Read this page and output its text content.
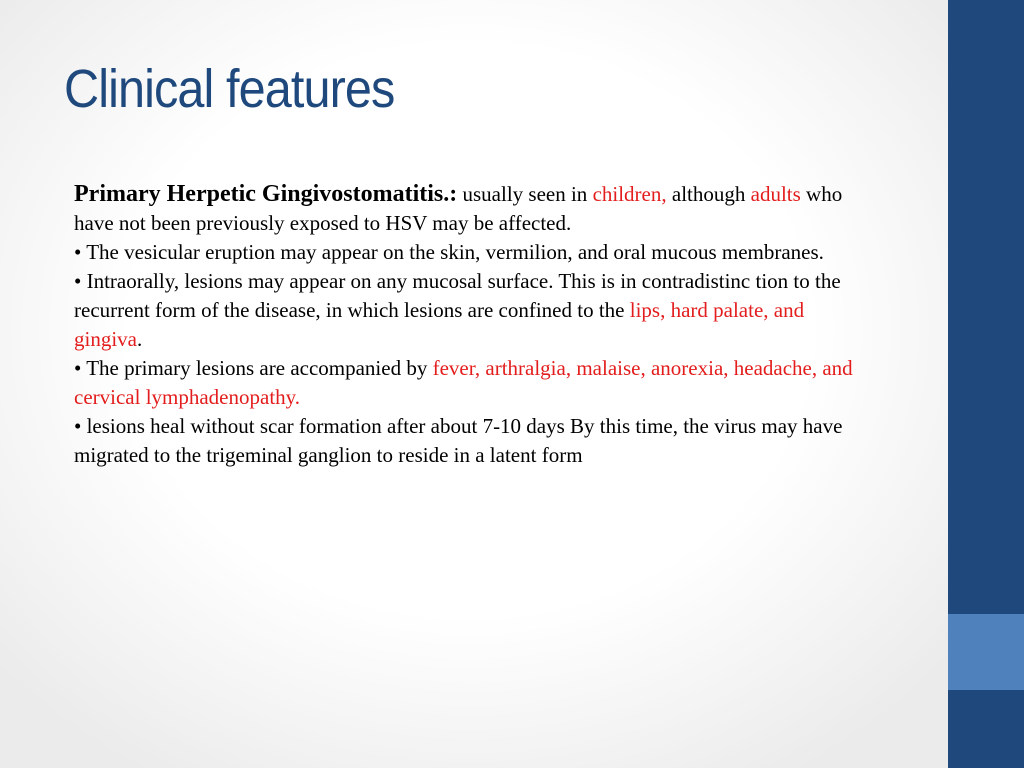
Clinical features

Primary Herpetic Gingivostomatitis.: usually seen in children, although adults who have not been previously exposed to HSV may be affected.

• The vesicular eruption may appear on the skin, vermilion, and oral mucous membranes.

• Intraorally, lesions may appear on any mucosal surface. This is in contradistinc tion to the recurrent form of the disease, in which lesions are confined to the lips, hard palate, and gingiva.

• The primary lesions are accompanied by fever, arthralgia, malaise, anorexia, headache, and cervical lymphadenopathy.

• lesions heal without scar formation after about 7-10 days By this time, the virus may have migrated to the trigeminal ganglion to reside in a latent form
